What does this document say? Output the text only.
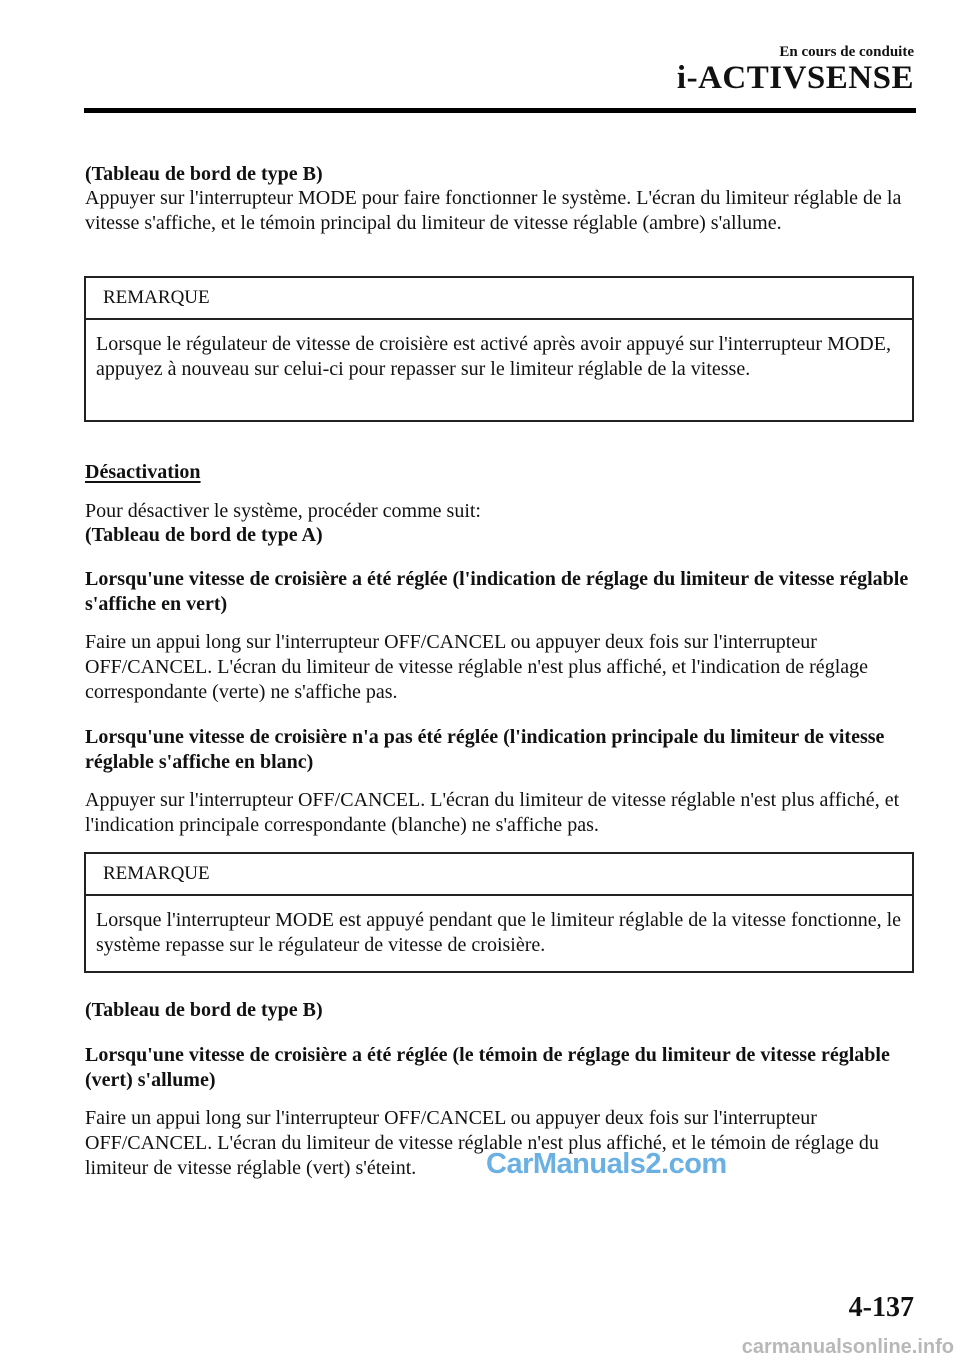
En cours de conduite
i-ACTIVSENSE

(Tableau de bord de type B)

Appuyer sur l'interrupteur MODE pour faire fonctionner le système. L'écran du limiteur réglable de la vitesse s'affiche, et le témoin principal du limiteur de vitesse réglable (ambre) s'allume.

REMARQUE
Lorsque le régulateur de vitesse de croisière est activé après avoir appuyé sur l'interrupteur MODE, appuyez à nouveau sur celui-ci pour repasser sur le limiteur réglable de la vitesse.

Désactivation

Pour désactiver le système, procéder comme suit:

(Tableau de bord de type A)

Lorsqu'une vitesse de croisière a été réglée (l'indication de réglage du limiteur de vitesse réglable s'affiche en vert)

Faire un appui long sur l'interrupteur OFF/CANCEL ou appuyer deux fois sur l'interrupteur OFF/CANCEL. L'écran du limiteur de vitesse réglable n'est plus affiché, et l'indication de réglage correspondante (verte) ne s'affiche pas.

Lorsqu'une vitesse de croisière n'a pas été réglée (l'indication principale du limiteur de vitesse réglable s'affiche en blanc)

Appuyer sur l'interrupteur OFF/CANCEL. L'écran du limiteur de vitesse réglable n'est plus affiché, et l'indication principale correspondante (blanche) ne s'affiche pas.

REMARQUE
Lorsque l'interrupteur MODE est appuyé pendant que le limiteur réglable de la vitesse fonctionne, le système repasse sur le régulateur de vitesse de croisière.

(Tableau de bord de type B)

Lorsqu'une vitesse de croisière a été réglée (le témoin de réglage du limiteur de vitesse réglable (vert) s'allume)

Faire un appui long sur l'interrupteur OFF/CANCEL ou appuyer deux fois sur l'interrupteur OFF/CANCEL. L'écran du limiteur de vitesse réglable n'est plus affiché, et le témoin de réglage du limiteur de vitesse réglable (vert) s'éteint.	CarManuals2.com
4-137
carmanualsonline.info
